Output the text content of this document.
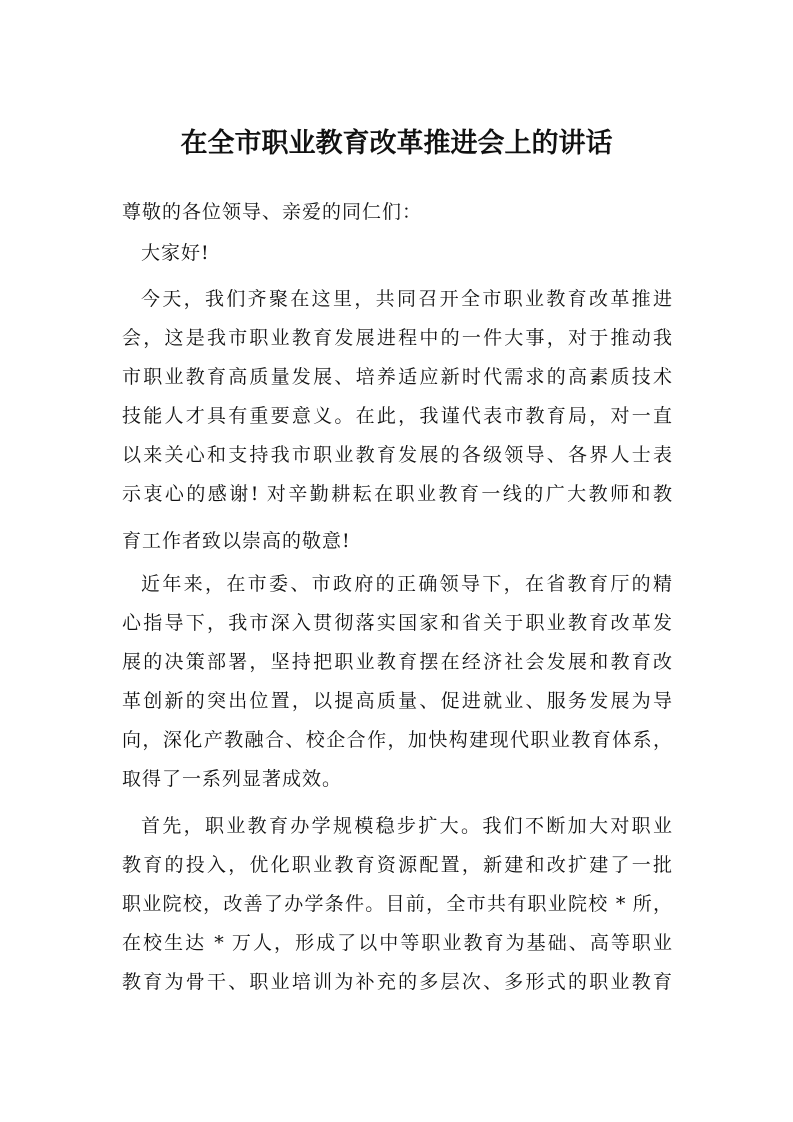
在全市职业教育改革推进会上的讲话

尊敬的各位领导、亲爱的同仁们：

大家好!

今天，我们齐聚在这里，共同召开全市职业教育改革推进

会，这是我市职业教育发展进程中的一件大事，对于推动我

市职业教育高质量发展、培养适应新时代需求的高素质技术

技能人才具有重要意义。在此，我谨代表市教育局，对一直

以来关心和支持我市职业教育发展的各级领导、各界人士表

示衷心的感谢! 对辛勤耕耘在职业教育一线的广大教师和教

育工作者致以崇高的敬意!

近年来，在市委、市政府的正确领导下，在省教育厅的精

心指导下，我市深入贯彻落实国家和省关于职业教育改革发

展的决策部署，坚持把职业教育摆在经济社会发展和教育改

革创新的突出位置，以提高质量、促进就业、服务发展为导

向，深化产教融合、校企合作，加快构建现代职业教育体系，

取得了一系列显著成效。

首先，职业教育办学规模稳步扩大。我们不断加大对职业

教育的投入，优化职业教育资源配置，新建和改扩建了一批

职业院校，改善了办学条件。目前，全市共有职业院校 * 所，

在校生达 * 万人，形成了以中等职业教育为基础、高等职业

教育为骨干、职业培训为补充的多层次、多形式的职业教育
